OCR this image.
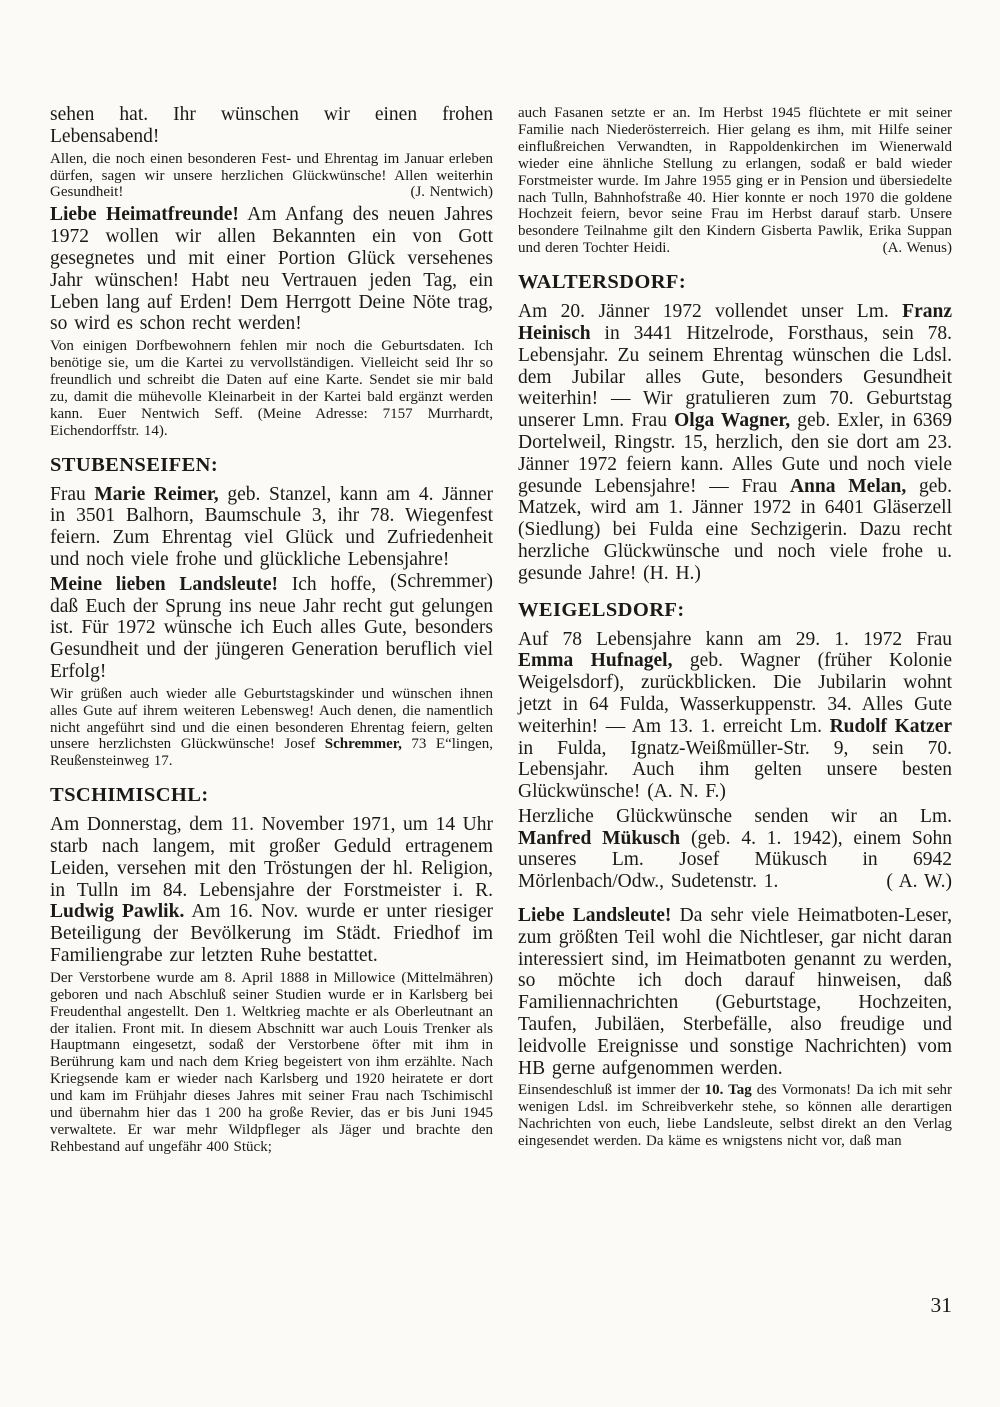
sehen hat. Ihr wünschen wir einen frohen Lebensabend!
Allen, die noch einen besonderen Fest- und Ehrentag im Januar erleben dürfen, sagen wir unsere herzlichen Glückwünsche! Allen weiterhin Gesundheit!	(J. Nentwich)
Liebe Heimatfreunde! Am Anfang des neuen Jahres 1972 wollen wir allen Bekannten ein von Gott gesegnetes und mit einer Portion Glück versehenes Jahr wünschen! Habt neu Vertrauen jeden Tag, ein Leben lang auf Erden! Dem Herrgott Deine Nöte trag, so wird es schon recht werden!
Von einigen Dorfbewohnern fehlen mir noch die Geburtsdaten. Ich benötige sie, um die Kartei zu vervollständigen. Vielleicht seid Ihr so freundlich und schreibt die Daten auf eine Karte. Sendet sie mir bald zu, damit die mühevolle Kleinarbeit in der Kartei bald ergänzt werden kann. Euer Nentwich Seff. (Meine Adresse: 7157 Murrhardt, Eichendorffstr. 14).
STUBENSEIFEN:
Frau Marie Reimer, geb. Stanzel, kann am 4. Jänner in 3501 Balhorn, Baumschule 3, ihr 78. Wiegenfest feiern. Zum Ehrentag viel Glück und Zufriedenheit und noch viele frohe und glückliche Lebensjahre!
(Schremmer)
Meine lieben Landsleute! Ich hoffe, daß Euch der Sprung ins neue Jahr recht gut gelungen ist. Für 1972 wünsche ich Euch alles Gute, besonders Gesundheit und der jüngeren Generation beruflich viel Erfolg!
Wir grüßen auch wieder alle Geburtstagskinder und wünschen ihnen alles Gute auf ihrem weiteren Lebensweg! Auch denen, die namentlich nicht angeführt sind und die einen besonderen Ehrentag feiern, gelten unsere herzlichsten Glückwünsche! Josef Schremmer, 73 E“lingen, Reußensteinweg 17.
TSCHIMISCHL:
Am Donnerstag, dem 11. November 1971, um 14 Uhr starb nach langem, mit großer Geduld ertragenem Leiden, versehen mit den Tröstungen der hl. Religion, in Tulln im 84. Lebensjahre der Forstmeister i. R. Ludwig Pawlik. Am 16. Nov. wurde er unter riesiger Beteiligung der Bevölkerung im Städt. Friedhof im Familiengrabe zur letzten Ruhe bestattet.
Der Verstorbene wurde am 8. April 1888 in Millowice (Mittelmähren) geboren und nach Abschluß seiner Studien wurde er in Karlsberg bei Freudenthal angestellt. Den 1. Weltkrieg machte er als Oberleutnant an der italien. Front mit. In diesem Abschnitt war auch Louis Trenker als Hauptmann eingesetzt, sodaß der Verstorbene öfter mit ihm in Berührung kam und nach dem Krieg begeistert von ihm erzählte. Nach Kriegsende kam er wieder nach Karlsberg und 1920 heiratete er dort und kam im Frühjahr dieses Jahres mit seiner Frau nach Tschimischl und übernahm hier das 1 200 ha große Revier, das er bis Juni 1945 verwaltete. Er war mehr Wildpfleger als Jäger und brachte den Rehbestand auf ungefähr 400 Stück;
auch Fasanen setzte er an. Im Herbst 1945 flüchtete er mit seiner Familie nach Niederösterreich. Hier gelang es ihm, mit Hilfe seiner einflußreichen Verwandten, in Rappoldenkirchen im Wienerwald wieder eine ähnliche Stellung zu erlangen, sodaß er bald wieder Forstmeister wurde. Im Jahre 1955 ging er in Pension und übersiedelte nach Tulln, Bahnhofstraße 40. Hier konnte er noch 1970 die goldene Hochzeit feiern, bevor seine Frau im Herbst darauf starb. Unsere besondere Teilnahme gilt den Kindern Gisberta Pawlik, Erika Suppan und deren Tochter Heidi.	(A. Wenus)
WALTERSDORF:
Am 20. Jänner 1972 vollendet unser Lm. Franz Heinisch in 3441 Hitzelrode, Forsthaus, sein 78. Lebensjahr. Zu seinem Ehrentag wünschen die Ldsl. dem Jubilar alles Gute, besonders Gesundheit weiterhin! — Wir gratulieren zum 70. Geburtstag unserer Lmn. Frau Olga Wagner, geb. Exler, in 6369 Dortelweil, Ringstr. 15, herzlich, den sie dort am 23. Jänner 1972 feiern kann. Alles Gute und noch viele gesunde Lebensjahre! — Frau Anna Melan, geb. Matzek, wird am 1. Jänner 1972 in 6401 Gläserzell (Siedlung) bei Fulda eine Sechzigerin. Dazu recht herzliche Glückwünsche und noch viele frohe u. gesunde Jahre! (H. H.)
WEIGELSDORF:
Auf 78 Lebensjahre kann am 29. 1. 1972 Frau Emma Hufnagel, geb. Wagner (früher Kolonie Weigelsdorf), zurückblicken. Die Jubilarin wohnt jetzt in 64 Fulda, Wasserkuppenstr. 34. Alles Gute weiterhin! — Am 13. 1. erreicht Lm. Rudolf Katzer in Fulda, Ignatz-Weißmüller-Str. 9, sein 70. Lebensjahr. Auch ihm gelten unsere besten Glückwünsche! (A. N. F.)
Herzliche Glückwünsche senden wir an Lm. Manfred Mükusch (geb. 4. 1. 1942), einem Sohn unseres Lm. Josef Mükusch in 6942 Mörlenbach/Odw., Sudetenstr. 1.	( A. W.)
Liebe Landsleute! Da sehr viele Heimatboten-Leser, zum größten Teil wohl die Nichtleser, gar nicht daran interessiert sind, im Heimatboten genannt zu werden, so möchte ich doch darauf hinweisen, daß Familiennachrichten (Geburtstage, Hochzeiten, Taufen, Jubiläen, Sterbefälle, also freudige und leidvolle Ereignisse und sonstige Nachrichten) vom HB gerne aufgenommen werden.
Einsendeschluß ist immer der 10. Tag des Vormonats! Da ich mit sehr wenigen Ldsl. im Schreibverkehr stehe, so können alle derartigen Nachrichten von euch, liebe Landsleute, selbst direkt an den Verlag eingesendet werden. Da käme es wnigstens nicht vor, daß man
31
